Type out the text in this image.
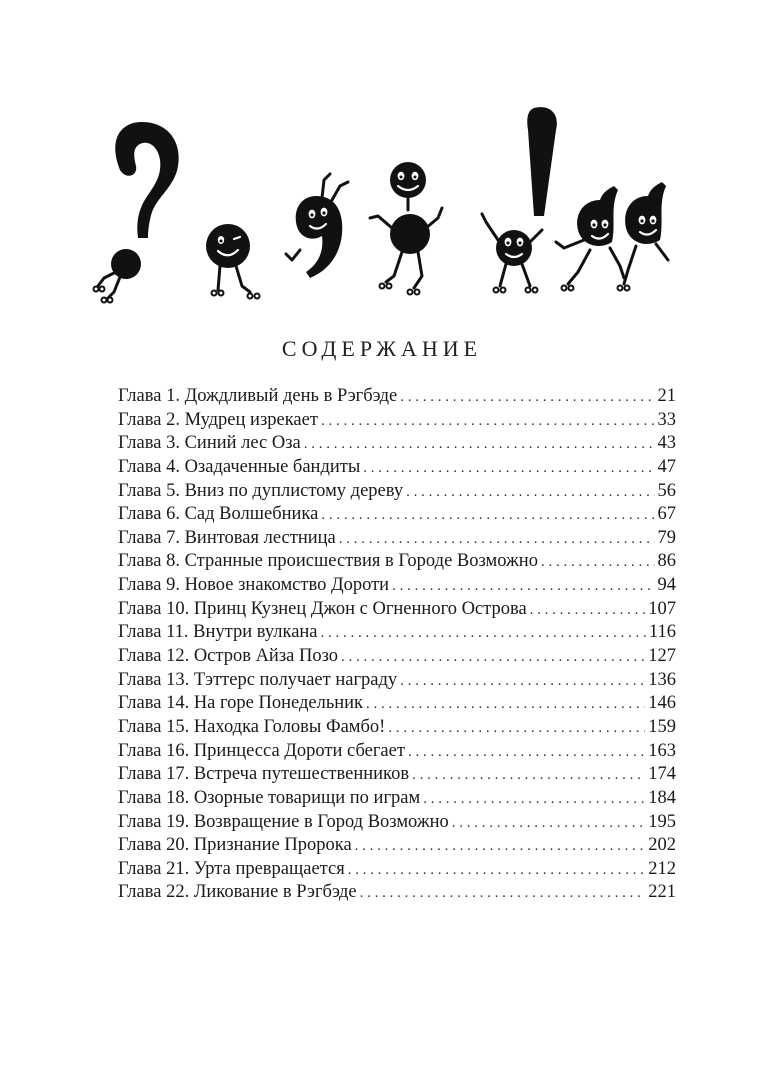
СОДЕРЖАНИЕ
Глава 1. Дождливый день в Рэгбэде . . .	21
Глава 2. Мудрец изрекает . . .	33
Глава 3. Синий лес Оза . . .	43
Глава 4. Озадаченные бандиты . . .	47
Глава 5. Вниз по дуплистому дереву . . .	56
Глава 6. Сад Волшебника . . .	67
Глава 7. Винтовая лестница . . .	79
Глава 8. Странные происшествия в Городе Возможно . . .	86
Глава 9. Новое знакомство Дороти . . .	94
Глава 10. Принц Кузнец Джон с Огненного Острова . . .	107
Глава 11. Внутри вулкана . . .	116
Глава 12. Остров Айза Позо . . .	127
Глава 13. Тэттерс получает награду . . .	136
Глава 14. На горе Понедельник . . .	146
Глава 15. Находка Головы Фамбо! . . .	159
Глава 16. Принцесса Дороти сбегает . . .	163
Глава 17. Встреча путешественников . . .	174
Глава 18. Озорные товарищи по играм . . .	184
Глава 19. Возвращение в Город Возможно . . .	195
Глава 20. Признание Пророка . . .	202
Глава 21. Урта превращается . . .	212
Глава 22. Ликование в Рэгбэде . . .	221
